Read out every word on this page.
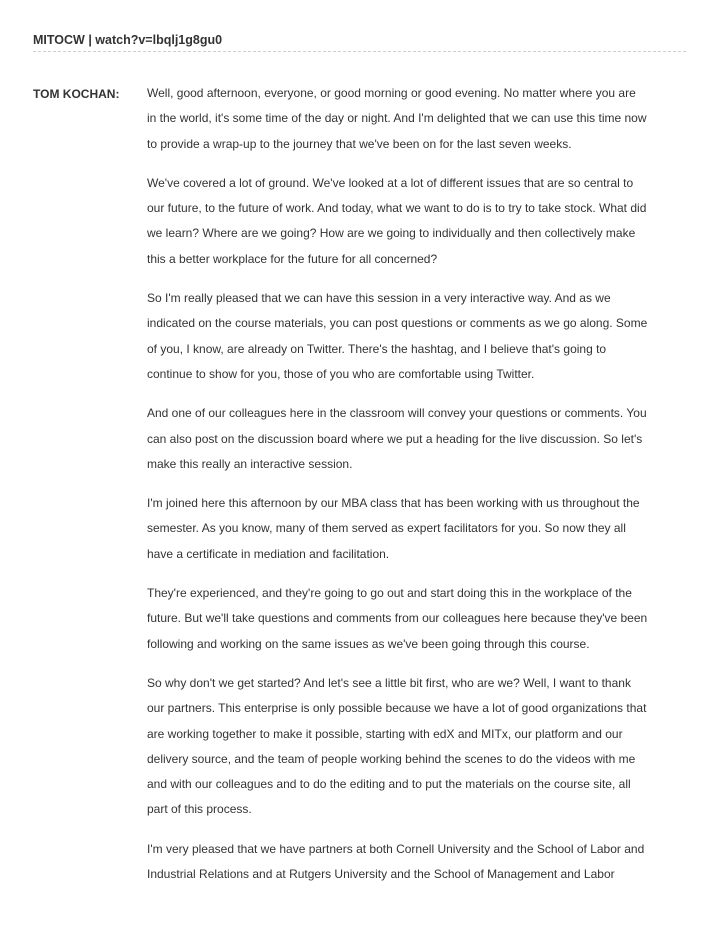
MITOCW | watch?v=lbqlj1g8gu0
TOM KOCHAN: Well, good afternoon, everyone, or good morning or good evening. No matter where you are
in the world, it's some time of the day or night. And I'm delighted that we can use this time now
to provide a wrap-up to the journey that we've been on for the last seven weeks.
We've covered a lot of ground. We've looked at a lot of different issues that are so central to
our future, to the future of work. And today, what we want to do is to try to take stock. What did
we learn? Where are we going? How are we going to individually and then collectively make
this a better workplace for the future for all concerned?
So I'm really pleased that we can have this session in a very interactive way. And as we
indicated on the course materials, you can post questions or comments as we go along. Some
of you, I know, are already on Twitter. There's the hashtag, and I believe that's going to
continue to show for you, those of you who are comfortable using Twitter.
And one of our colleagues here in the classroom will convey your questions or comments. You
can also post on the discussion board where we put a heading for the live discussion. So let's
make this really an interactive session.
I'm joined here this afternoon by our MBA class that has been working with us throughout the
semester. As you know, many of them served as expert facilitators for you. So now they all
have a certificate in mediation and facilitation.
They're experienced, and they're going to go out and start doing this in the workplace of the
future. But we'll take questions and comments from our colleagues here because they've been
following and working on the same issues as we've been going through this course.
So why don't we get started? And let's see a little bit first, who are we? Well, I want to thank
our partners. This enterprise is only possible because we have a lot of good organizations that
are working together to make it possible, starting with edX and MITx, our platform and our
delivery source, and the team of people working behind the scenes to do the videos with me
and with our colleagues and to do the editing and to put the materials on the course site, all
part of this process.
I'm very pleased that we have partners at both Cornell University and the School of Labor and
Industrial Relations and at Rutgers University and the School of Management and Labor
